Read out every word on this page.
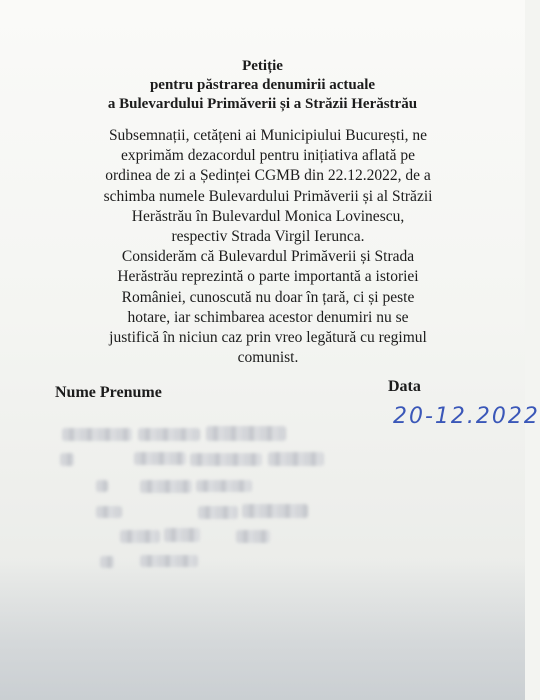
Petiție
pentru păstrarea denumirii actuale
a Bulevardului Primăverii și a Străzii Herăstrău
Subsemnații, cetățeni ai Municipiului București, ne
exprimăm dezacordul pentru inițiativa aflată pe
ordinea de zi a Ședinței CGMB din 22.12.2022, de a
schimba numele Bulevardului Primăverii și al Străzii
Herăstrău în Bulevardul Monica Lovinescu,
respectiv Strada Virgil Ierunca.
Considerăm că Bulevardul Primăverii și Strada
Herăstrău reprezintă o parte importantă a istoriei
României, cunoscută nu doar în țară, ci și peste
hotare, iar schimbarea acestor denumiri nu se
justifică în niciun caz prin vreo legătură cu regimul
comunist.
Nume Prenume	Data
20-12.2022
